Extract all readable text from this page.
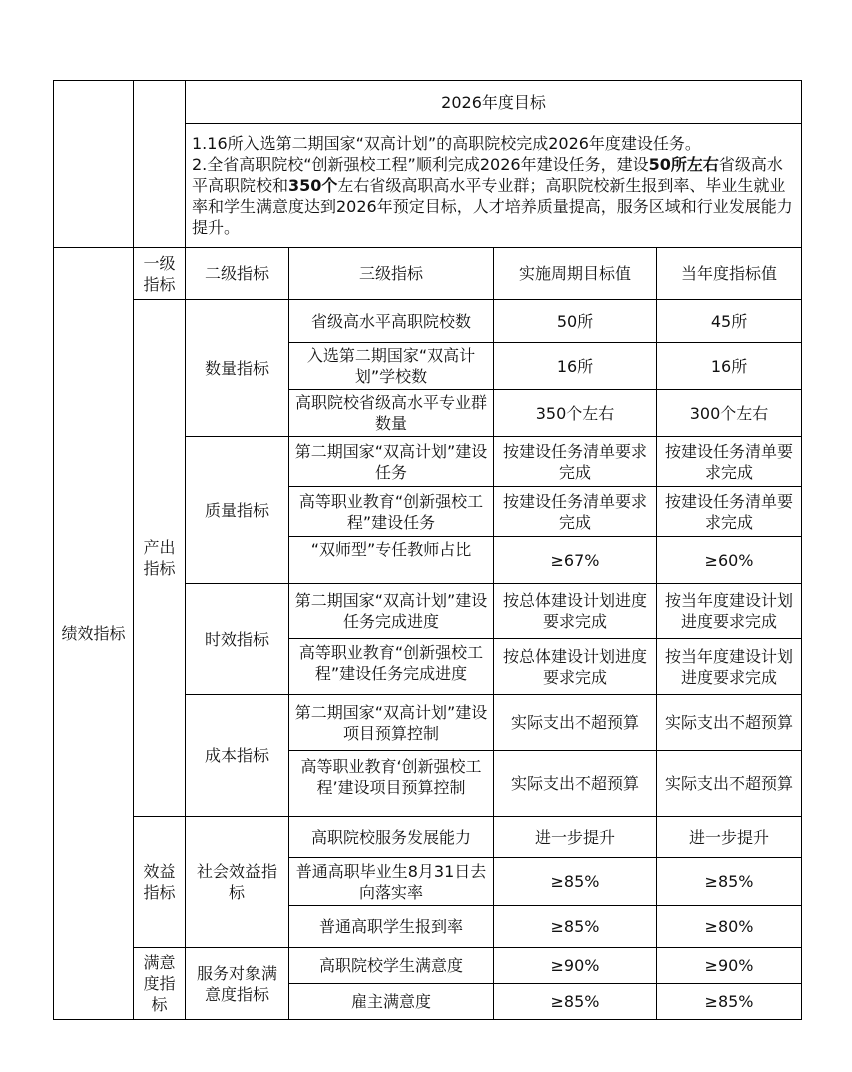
		2026年度目标			

		1.16所入选第二期国家“双高计划”的高职院校完成2026年度建设任务。

2.全省高职院校“创新强校工程”顺利完成2026年建设任务，建设50所左右省级高水平高职院校和350个左右省级高职高水平专业群；高职院校新生报到率、毕业生就业率和学生满意度达到2026年预定目标，人才培养质量提高，服务区域和行业发展能力提升。			

绩效指标	一级指标	二级指标	三级指标	实施周期目标值	当年度指标值
	产出指标	数量指标	省级高水平高职院校数	50所	45所

入选第二期国家“双高计划”学校数	16所	16所

高职院校省级高水平专业群数量	350个左右	300个左右
		质量指标	第二期国家“双高计划”建设任务	按建设任务清单要求完成	按建设任务清单要求完成
			高等职业教育“创新强校工程”建设任务	按建设任务清单要求完成	按建设任务清单要求完成

“双师型”专任教师占比	≥67%	≥60%
		时效指标	第二期国家“双高计划”建设任务完成进度	按总体建设计划进度要求完成	按当年度建设计划进度要求完成

高等职业教育“创新强校工程”建设任务完成进度	按总体建设计划进度要求完成	按当年度建设计划进度要求完成
		成本指标	第二期国家“双高计划”建设项目预算控制	实际支出不超预算	实际支出不超预算

高等职业教育‘创新强校工程’建设项目预算控制	实际支出不超预算	实际支出不超预算
	效益指标	社会效益指标	高职院校服务发展能力	进一步提升	进一步提升
			普通高职毕业生8月31日去向落实率	≥85%	≥85%
			普通高职学生报到率	≥85%	≥80%
	满意度指标	服务对象满意度指标	高职院校学生满意度	≥90%	≥90%
			雇主满意度	≥85%	≥85%
